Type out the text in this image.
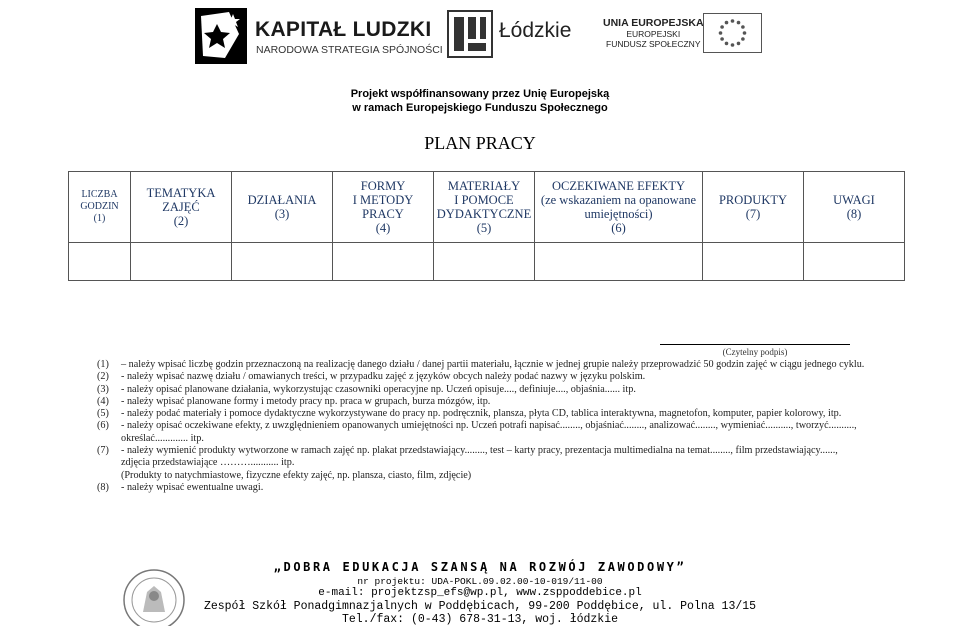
KAPITAŁ LUDZKI
NARODOWA STRATEGIA SPÓJNOŚCI
Łódzkie	UNIA EUROPEJSKA
EUROPEJSKI
FUNDUSZ SPOŁECZNY
Projekt współfinansowany przez Unię Europejską
w ramach Europejskiego Funduszu Społecznego
PLAN PRACY
LICZBA
GODZIN
(1)	TEMATYKA
ZAJĘĆ
(2)	DZIAŁANIA
(3)	FORMY
I METODY
PRACY
(4)	MATERIAŁY
I POMOCE
DYDAKTYCZNE
(5)	OCZEKIWANE EFEKTY
(ze wskazaniem na opanowane
umiejętności)
(6)	PRODUKTY
(7)	UWAGI
(8)

(Czytelny podpis)
(1)	– należy wpisać liczbę godzin przeznaczoną na realizację danego działu / danej partii materiału, łącznie w jednej grupie należy przeprowadzić 50 godzin zajęć w ciągu jednego cyklu.
(2)	- należy wpisać nazwę działu / omawianych treści, w przypadku zajęć z języków obcych należy podać nazwy w języku polskim.
(3)	- należy opisać planowane działania, wykorzystując czasowniki operacyjne np. Uczeń opisuje...., definiuje...., objaśnia...... itp.
(4)	- należy wpisać planowane formy i metody pracy np. praca w grupach, burza mózgów, itp.
(5)	- należy podać materiały i pomoce dydaktyczne wykorzystywane do pracy np. podręcznik, plansza, płyta CD, tablica interaktywna, magnetofon, komputer, papier kolorowy, itp.
(6)	- należy opisać oczekiwane efekty, z uwzględnieniem opanowanych umiejętności np. Uczeń potrafi napisać........, objaśniać........, analizować........, wymieniać.........., tworzyć.........., określać............. itp.
(7)	- należy wymienić produkty wytworzone w ramach zajęć np. plakat przedstawiający........, test – karty pracy, prezentacja multimedialna na temat........, film przedstawiający......, zdjęcia przedstawiające ………........... itp.
(Produkty to natychmiastowe, fizyczne efekty zajęć, np. plansza, ciasto, film, zdjęcie)
(8)	- należy wpisać ewentualne uwagi.
„DOBRA EDUKACJA SZANSĄ NA ROZWÓJ ZAWODOWY”
nr projektu: UDA-POKL.09.02.00-10-019/11-00
e-mail: projektzsp_efs@wp.pl, www.zsppoddebice.pl
Zespół Szkół Ponadgimnazjalnych w Poddębicach, 99-200 Poddębice, ul. Polna 13/15
Tel./fax: (0-43) 678-31-13, woj. łódzkie
